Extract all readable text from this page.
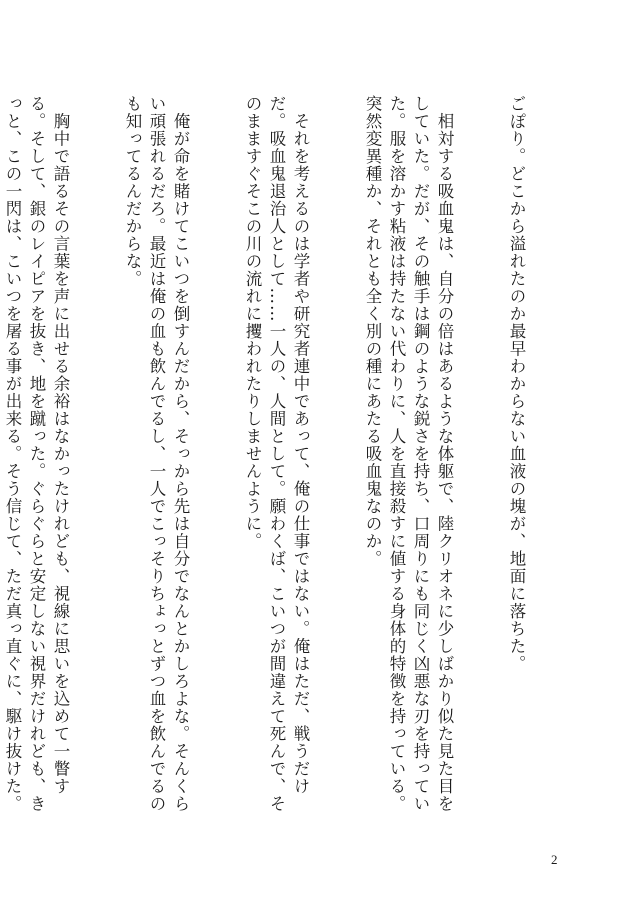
ごぽり。どこから溢れたのか最早わからない血液の塊が、地面に落ちた。

　相対する吸血鬼は、自分の倍はあるような体躯で、陸クリオネに少しばかり似た見た目をしていた。だが、その触手は鋼のような鋭さを持ち、口周りにも同じく凶悪な刃を持っていた。服を溶かす粘液は持たない代わりに、人を直接殺すに値する身体的特徴を持っている。突然変異種か、それとも全く別の種にあたる吸血鬼なのか。

　それを考えるのは学者や研究者連中であって、俺の仕事ではない。俺はただ、戦うだけだ。吸血鬼退治人として……一人の、人間として。願わくば、こいつが間違えて死んで、そのまますぐそこの川の流れに攫われたりしませんように。

　俺が命を賭けてこいつを倒すんだから、そっから先は自分でなんとかしろよな。そんくらい頑張れるだろ。最近は俺の血も飲んでるし、一人でこっそりちょっとずつ血を飲んでるのも知ってるんだからな。

　胸中で語るその言葉を声に出せる余裕はなかったけれども、視線に思いを込めて一瞥する。そして、銀のレイピアを抜き、地を蹴った。ぐらぐらと安定しない視界だけれども、きっと、この一閃は、こいつを屠る事が出来る。そう信じて、ただ真っ直ぐに、駆け抜けた。

2
